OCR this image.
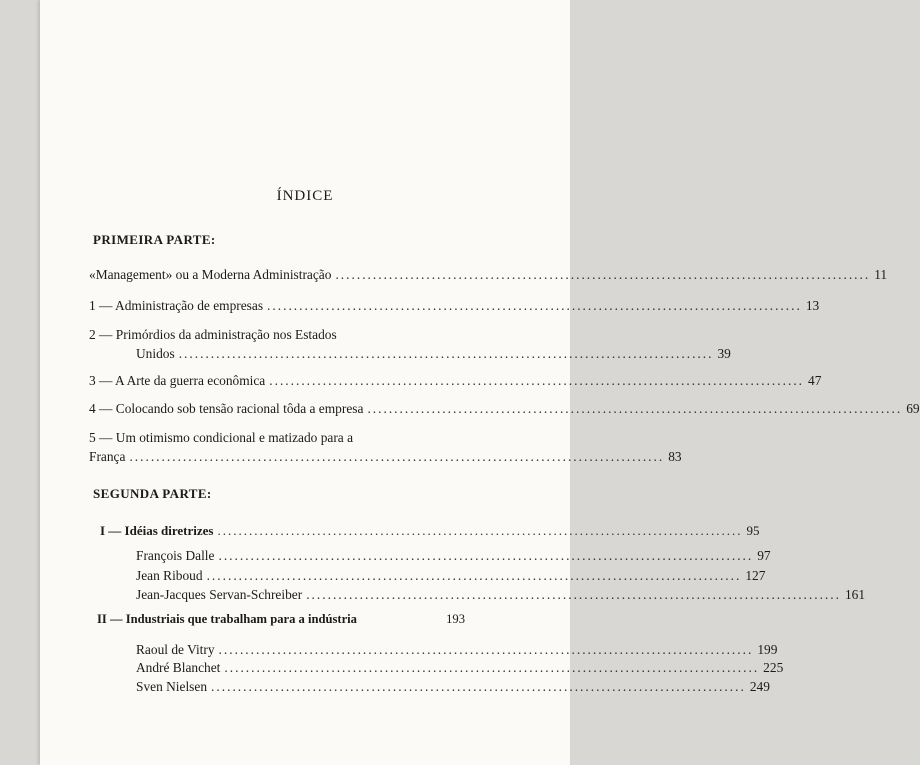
ÍNDICE
PRIMEIRA PARTE:
«Management» ou a Moderna Administração .................................................................................................... 11
1 — Administração de empresas .................................................................................................... 13
2 — Primórdios da administração nos Estados
Unidos .................................................................................................... 39
3 — A Arte da guerra econômica .................................................................................................... 47
4 — Colocando sob tensão racional tôda a empresa .................................................................................................... 69
5 — Um otimismo condicional e matizado para a
França .................................................................................................... 83
SEGUNDA PARTE:
I — Idéias diretrizes .................................................................................................... 95
François Dalle .................................................................................................... 97
Jean Riboud .................................................................................................... 127
Jean-Jacques Servan-Schreiber .................................................................................................... 161
II — Industriais que trabalham para a indústria	193
Raoul de Vitry .................................................................................................... 199
André Blanchet .................................................................................................... 225
Sven Nielsen .................................................................................................... 249
